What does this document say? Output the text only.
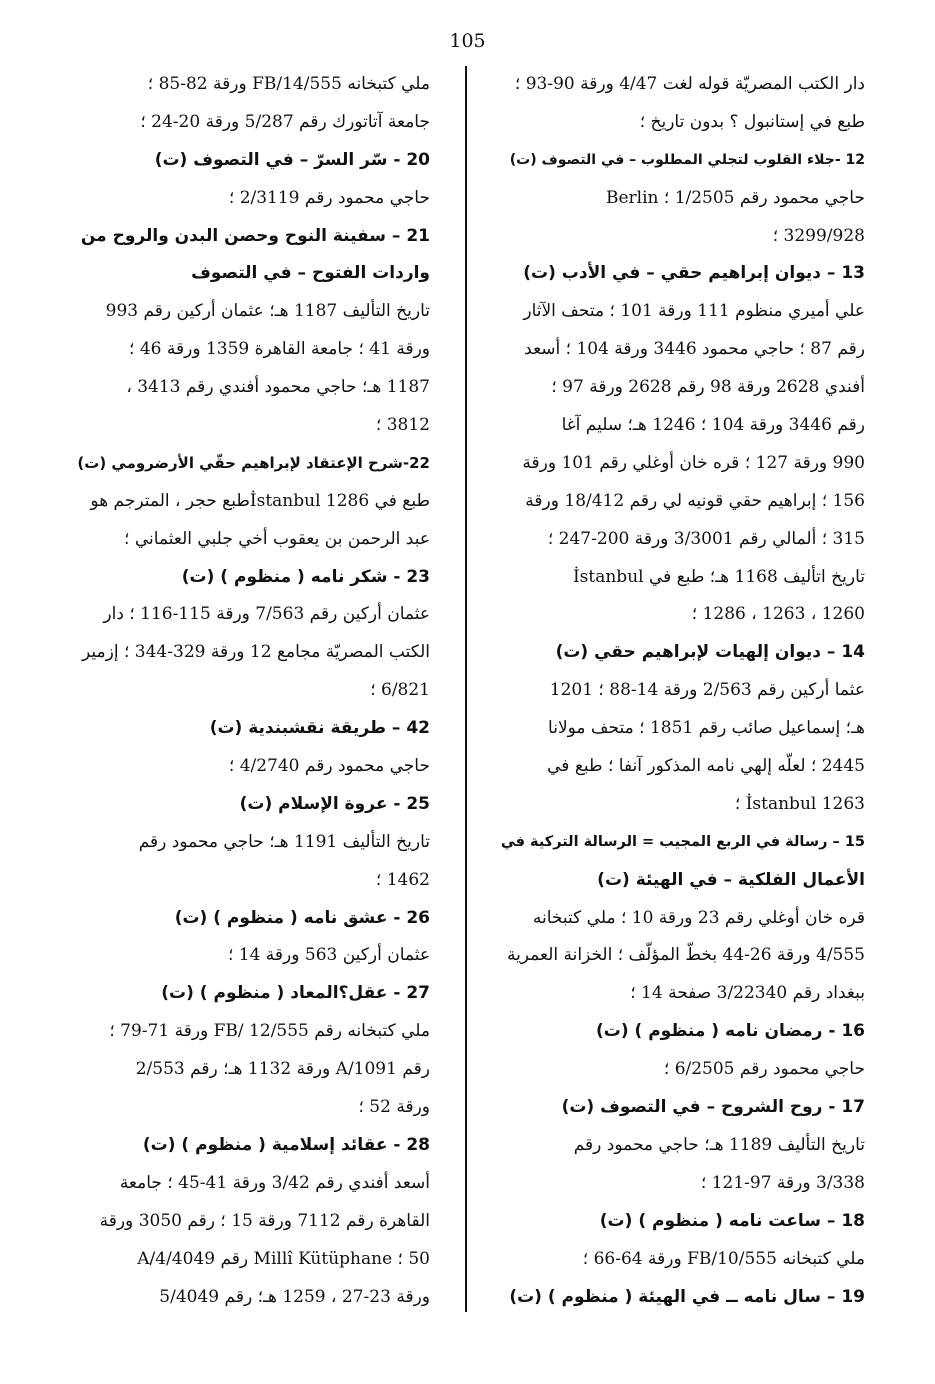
105
دار الكتب المصريّة قوله لغت 4/47 ورقة 90-93 ؛
طبع في إستانبول ؟ بدون تاريخ ؛
12 -جلاء القلوب لتجلي المطلوب – في التصوف (ت)
حاجي محمود رقم 1/2505 ؛ Berlin
3299/928 ؛
13 – ديوان إبراهيم حقي – في الأدب (ت)
علي أميري منظوم 111 ورقة 101 ؛ متحف الآثار
رقم 87 ؛ حاجي محمود 3446 ورقة 104 ؛ أسعد
أفندي 2628 ورقة 98 رقم 2628 ورقة 97 ؛
رقم 3446 ورقة 104 ؛ 1246 هـ؛ سليم آغا
990 ورقة 127 ؛ قره خان أوغلي رقم 101 ورقة
156 ؛ إبراهيم حقي قونيه لي رقم 18/412 ورقة
315 ؛ ألمالي رقم 3/3001 ورقة 200-247 ؛
تاريخ اتأليف 1168 هـ؛ طبع في İstanbul
1260 ، 1263 ، 1286 ؛
14 – ديوان إلهيات لإبراهيم حقي (ت)
عثما أركين رقم 2/563 ورقة 14-88 ؛ 1201
هـ؛ إسماعيل صائب رقم 1851 ؛ متحف مولانا
2445 ؛ لعلّه إلهي نامه المذكور آنفا ؛ طبع في
İstanbul 1263 ؛
15 – رسالة في الربع المجيب = الرسالة التركية في
الأعمال الفلكية – في الهيئة (ت)
قره خان أوغلي رقم 23 ورقة 10 ؛ ملي كتبخانه
4/555 ورقة 26-44 بخطّ المؤلّف ؛ الخزانة العمرية
ببغداد رقم 3/22340 صفحة 14 ؛
16 - رمضان نامه ( منظوم ) (ت)
حاجي محمود رقم 6/2505 ؛
17 - روح الشروح – في التصوف (ت)
تاريخ التأليف 1189 هـ؛ حاجي محمود رقم
3/338 ورقة 97-121 ؛
18 – ساعت نامه ( منظوم ) (ت)
ملي كتبخانه 10/555/FB ورقة 64-66 ؛
19 – سال نامه ــ في الهيئة ( منظوم ) (ت)
ملي كتبخانه 14/555/FB ورقة 82-85 ؛
جامعة آتاتورك رقم 5/287 ورقة 20-24 ؛
20 - سّر السرّ – في التصوف (ت)
حاجي محمود رقم 2/3119 ؛
21 – سفينة النوح وحصن البدن والروح من
واردات الفتوح – في التصوف
تاريخ التأليف 1187 هـ؛ عثمان أركين رقم 993
ورقة 41 ؛ جامعة القاهرة 1359 ورقة 46 ؛
1187 هـ؛ حاجي محمود أفندي رقم 3413 ،
3812 ؛
22-شرح الإعتقاد لإبراهيم حقّي الأرضرومي (ت)
طبع في İstanbul 1286طبع حجر ، المترجم هو
عبد الرحمن بن يعقوب أخي جلبي العثماني ؛
23 - شكر نامه ( منظوم ) (ت)
عثمان أركين رقم 7/563 ورقة 115-116 ؛ دار
الكتب المصريّة مجامع 12 ورقة 329-344 ؛ إزمير
6/821 ؛
42 – طريقة نقشبندية (ت)
حاجي محمود رقم 4/2740 ؛
25 - عروة الإسلام (ت)
تاريخ التأليف 1191 هـ؛ حاجي محمود رقم
1462 ؛
26 - عشق نامه ( منظوم ) (ت)
عثمان أركين 563 ورقة 14 ؛
27 - عقل؟المعاد ( منظوم ) (ت)
ملي كتبخانه رقم FB/ 12/555 ورقة 71-79 ؛
رقم 1091/A ورقة 1132 هـ؛ رقم 2/553
ورقة 52 ؛
28 - عقائد إسلامية ( منظوم ) (ت)
أسعد أفندي رقم 3/42 ورقة 41-45 ؛ جامعة
القاهرة رقم 7112 ورقة 15 ؛ رقم 3050 ورقة
50 ؛ Millî Kütüphane رقم 4/4049/A
ورقة 23-27 ، 1259 هـ؛ رقم 5/4049
